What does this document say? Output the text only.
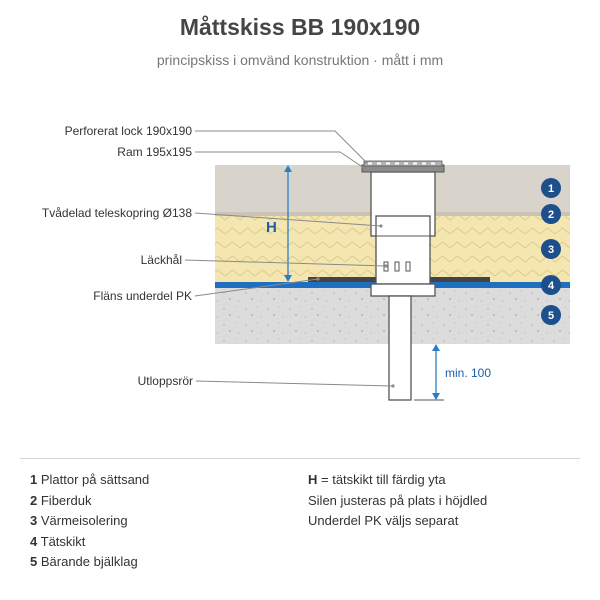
Måttskiss BB 190x190
principskiss i omvänd konstruktion · mått i mm
H
min. 100
Perforerat lock 190x190
Ram 195x195
Tvådelad teleskopring Ø138
Läckhål
Fläns underdel PK
Utloppsrör
1
2
3
4
5
1 Plattor på sättsand
2 Fiberduk
3 Värmeisolering
4 Tätskikt
5 Bärande bjälklag
H = tätskikt till färdig yta
Silen justeras på plats i höjdled
Underdel PK väljs separat
